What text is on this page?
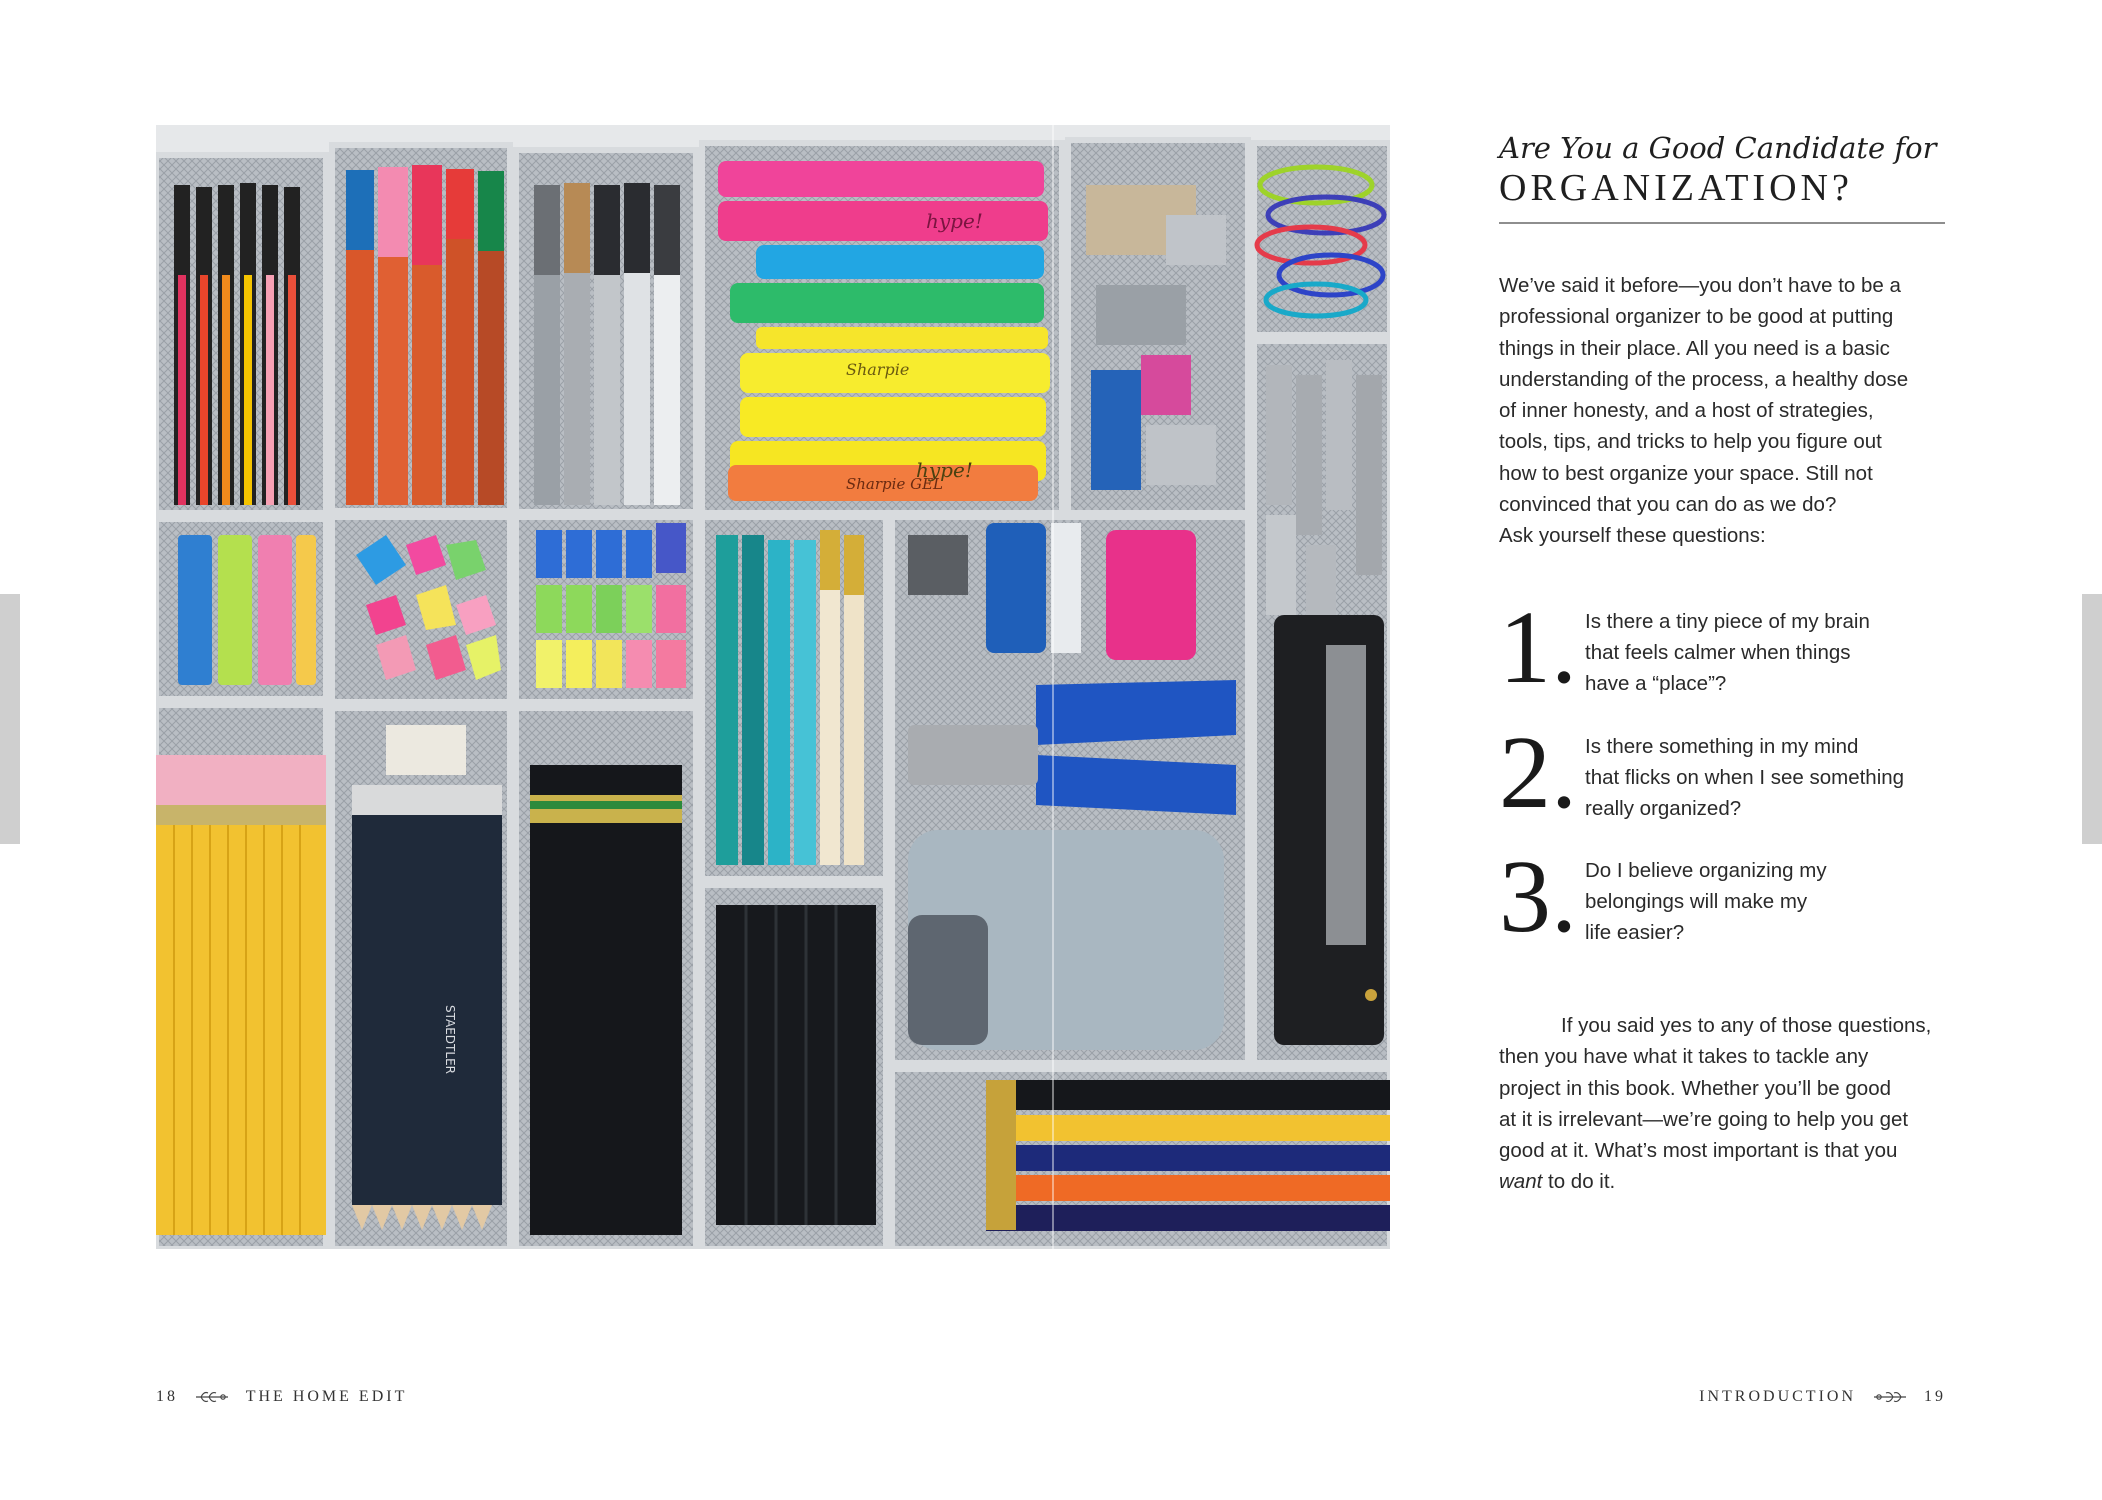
hype!
hype!
Sharpie
Sharpie GEL
STAEDTLER

Are You a Good Candidate for

ORGANIZATION?

We’ve said it before—you don’t have to be a
professional organizer to be good at putting
things in their place. All you need is a basic
understanding of the process, a healthy dose
of inner honesty, and a host of strategies,
tools, tips, and tricks to help you figure out
how to best organize your space. Still not
convinced that you can do as we do?
Ask yourself these questions:
1. Is there a tiny piece of my brain
that feels calmer when things
have a “place”?
2. Is there something in my mind
that flicks on when I see something
really organized?
3. Do I believe organizing my
belongings will make my
life easier?
If you said yes to any of those questions,
then you have what it takes to tackle any
project in this book. Whether you’ll be good
at it is irrelevant—we’re going to help you get
good at it. What’s most important is that you
want to do it.
18	THE HOME EDIT	INTRODUCTION	19
